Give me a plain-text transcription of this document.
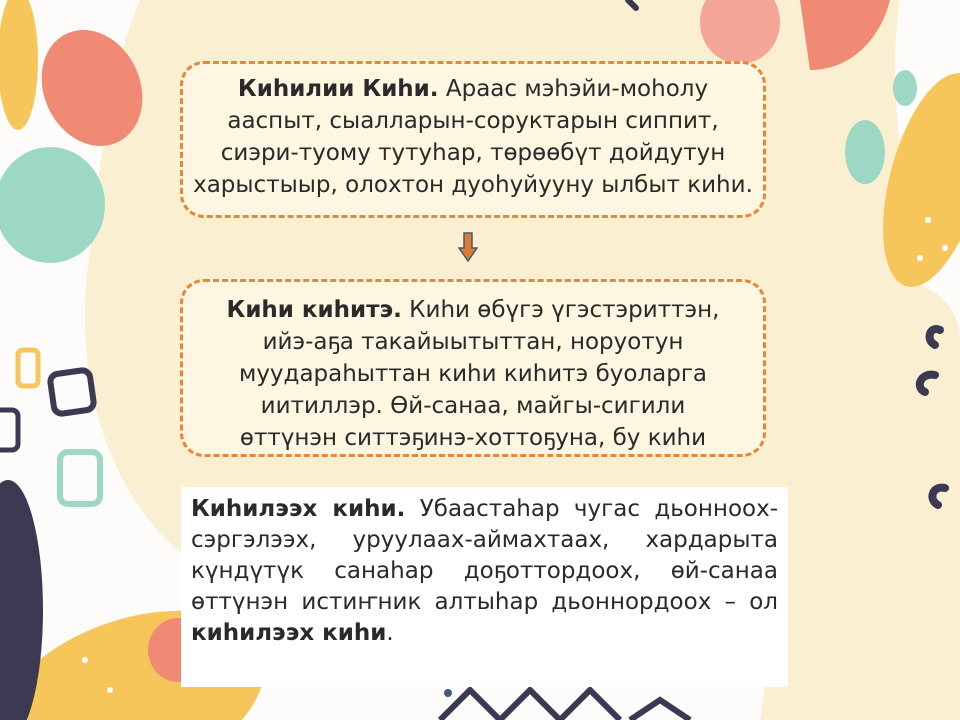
Киһилии Киһи. Араас мэһэйи-моһолу ааспыт, сыалларын-соруктарын сиппит, сиэри-туому тутуһар, төрөөбүт дойдутун харыстыыр, олохтон дуоһуйууну ылбыт киһи.
Киһи киһитэ. Киһи өбүгэ үгэстэриттэн, ийэ-аҕа такайыытыттан, норуотун муудараһыттан киһи киһитэ буоларга иитиллэр. Өй-санаа, майгы-сигили өттүнэн ситтэҕинэ-хоттоҕуна, бу киһи
Киһилээх киһи. Убаастаһар чугас дьонноох-сэргэлээх, уруулаах-аймахтаах, хардарыта күндүтүк санаһар доҕоттордоох, өй-санаа өттүнэн истиҥник алтыһар дьоннордоох – ол киһилээх киһи.
